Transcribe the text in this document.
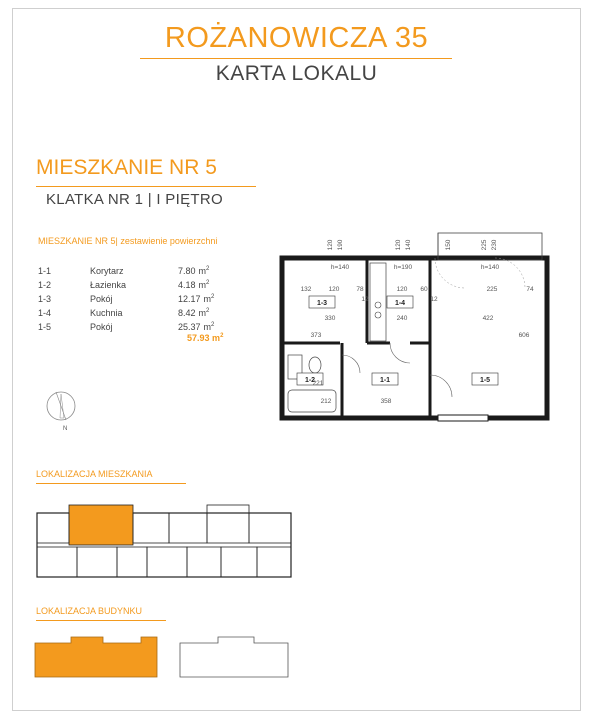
ROŻANOWICZA 35
KARTA LOKALU
MIESZKANIE NR 5
KLATKA NR 1 | I PIĘTRO
MIESZKANIE NR 5| zestawienie powierzchni
1-1	Korytarz	7.80 $m^2$
1-2	Łazienka	4.18 $m^2$
1-3	Pokój	12.17 $m^2$
1-4	Kuchnia	8.42 $m^2$
1-5	Pokój	25.37 $m^2$
57.93 $m^2$
N
1-3	1-4
1-1
1-2	1-5
120 190	120 140	150	225 230
h=140	h=190	h=140
132	120	78	120 60	225	74
330	240	422
12	12
373	606
221
358
212
LOKALIZACJA MIESZKANIA
LOKALIZACJA BUDYNKU
